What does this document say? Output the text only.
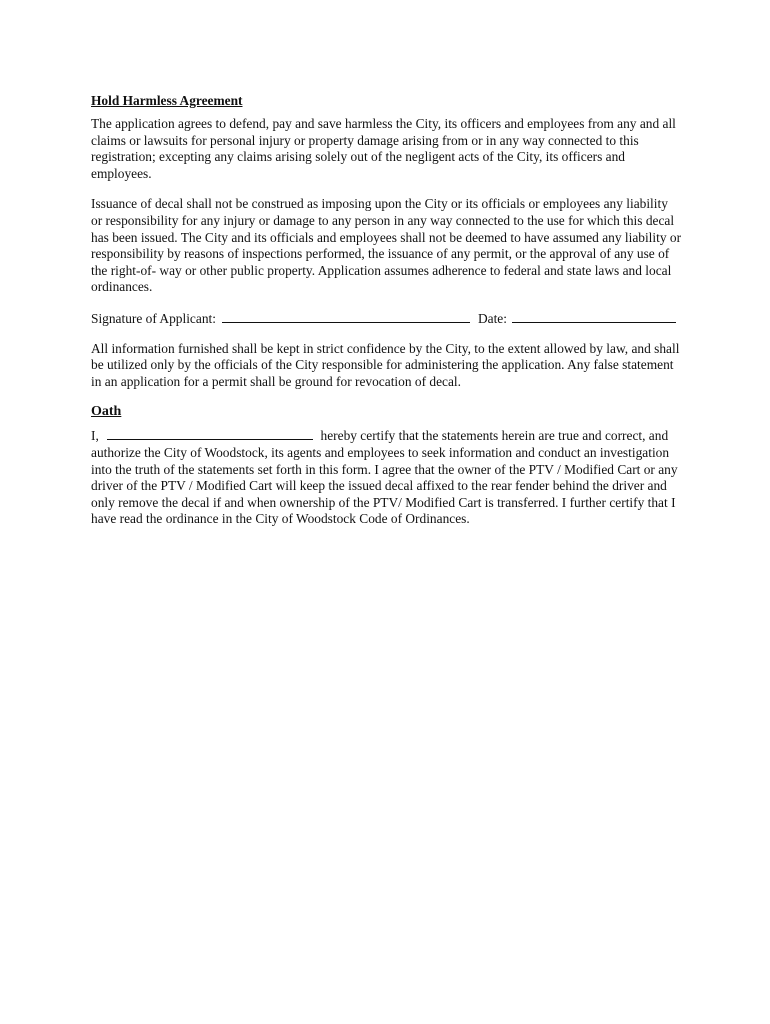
Hold Harmless Agreement

The application agrees to defend, pay and save harmless the City, its officers and employees from any and all claims or lawsuits for personal injury or property damage arising from or in any way connected to this registration; excepting any claims arising solely out of the negligent acts of the City, its officers and employees.

Issuance of decal shall not be construed as imposing upon the City or its officials or employees any liability or responsibility for any injury or damage to any person in any way connected to the use for which this decal has been issued. The City and its officials and employees shall not be deemed to have assumed any liability or responsibility by reasons of inspections performed, the issuance of any permit, or the approval of any use of the right-of- way or other public property. Application assumes adherence to federal and state laws and local ordinances.

Signature of Applicant:	Date:

All information furnished shall be kept in strict confidence by the City, to the extent allowed by law, and shall be utilized only by the officials of the City responsible for administering the application. Any false statement in an application for a permit shall be ground for revocation of decal.

Oath

I,	hereby certify that the statements herein are true and correct, and authorize the City of Woodstock, its agents and employees to seek information and conduct an investigation into the truth of the statements set forth in this form. I agree that the owner of the PTV / Modified Cart or any driver of the PTV / Modified Cart will keep the issued decal affixed to the rear fender behind the driver and only remove the decal if and when ownership of the PTV/ Modified Cart is transferred. I further certify that I have read the ordinance in the City of Woodstock Code of Ordinances.
